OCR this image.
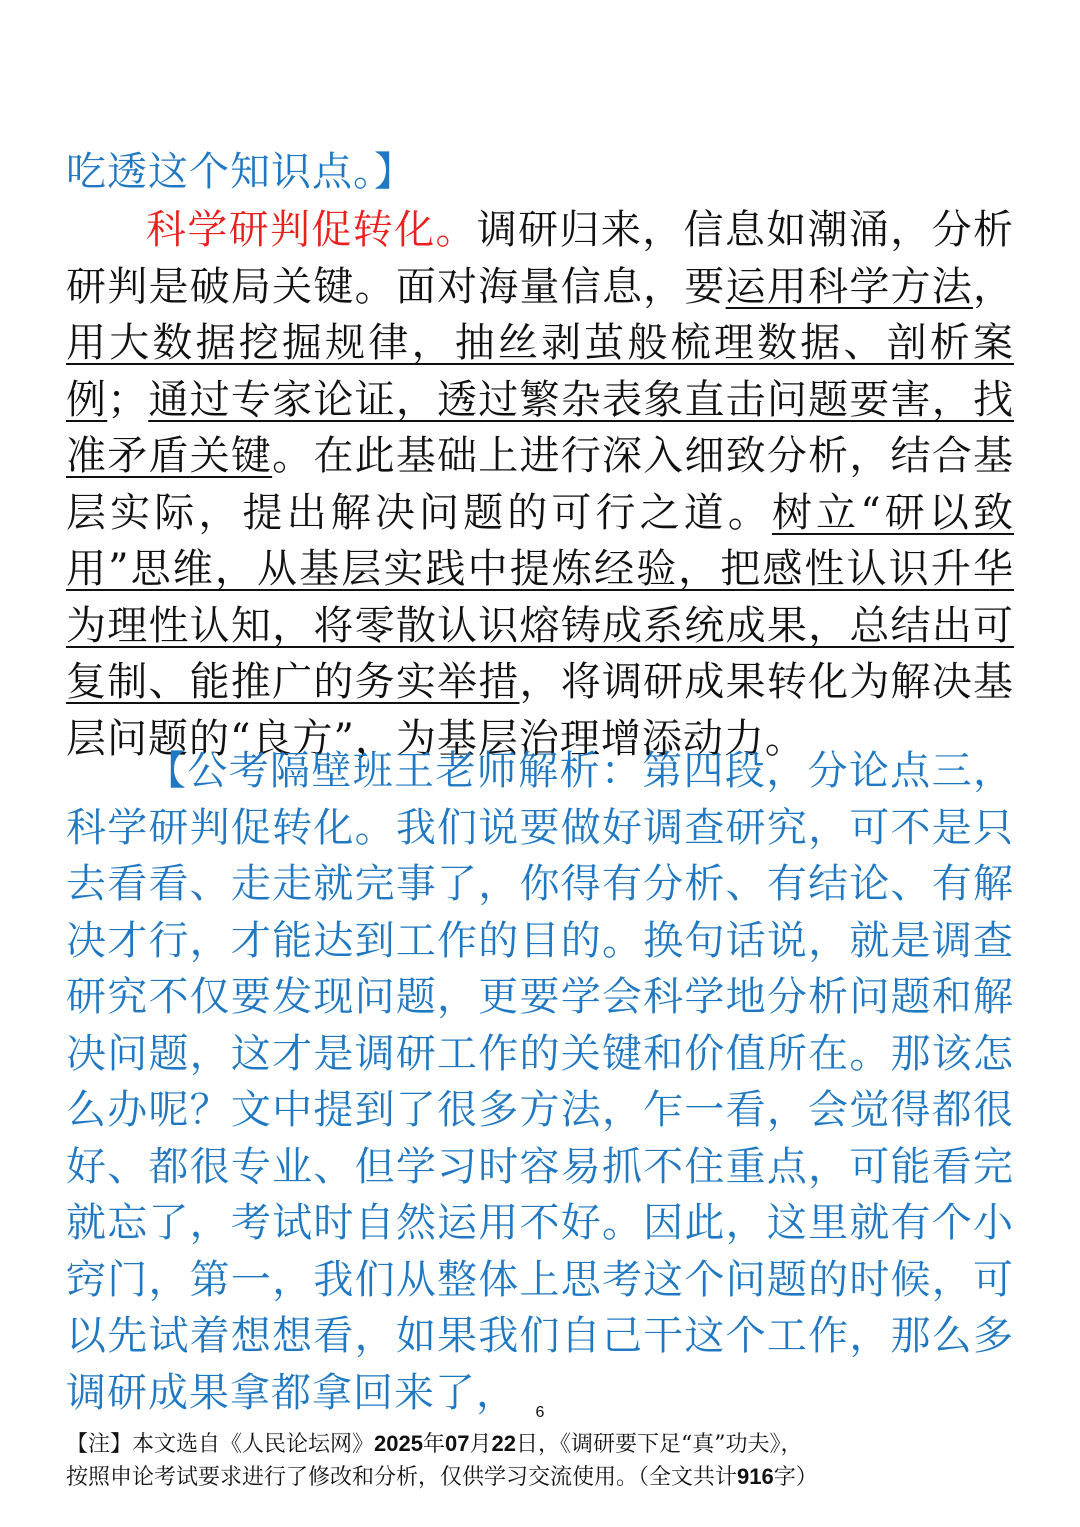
吃透这个知识点。】
科学研判促转化。调研归来，信息如潮涌，分析研判是破局关键。面对海量信息，要运用科学方法，用大数据挖掘规律，抽丝剥茧般梳理数据、剖析案例；通过专家论证，透过繁杂表象直击问题要害，找准矛盾关键。在此基础上进行深入细致分析，结合基层实际，提出解决问题的可行之道。树立“研以致用”思维，从基层实践中提炼经验，把感性认识升华为理性认知，将零散认识熔铸成系统成果，总结出可复制、能推广的务实举措，将调研成果转化为解决基层问题的“良方”，为基层治理增添动力。
【公考隔壁班王老师解析：第四段，分论点三，科学研判促转化。我们说要做好调查研究，可不是只去看看、走走就完事了，你得有分析、有结论、有解决才行，才能达到工作的目的。换句话说，就是调查研究不仅要发现问题，更要学会科学地分析问题和解决问题，这才是调研工作的关键和价值所在。那该怎么办呢？文中提到了很多方法，乍一看，会觉得都很好、都很专业、但学习时容易抓不住重点，可能看完就忘了，考试时自然运用不好。因此，这里就有个小窍门，第一，我们从整体上思考这个问题的时候，可以先试着想想看，如果我们自己干这个工作，那么多调研成果拿都拿回来了，	6
【注】本文选自《人民论坛网》2025年07月22日，《调研要下足“真”功夫》，
按照申论考试要求进行了修改和分析，仅供学习交流使用。（全文共计916字）
